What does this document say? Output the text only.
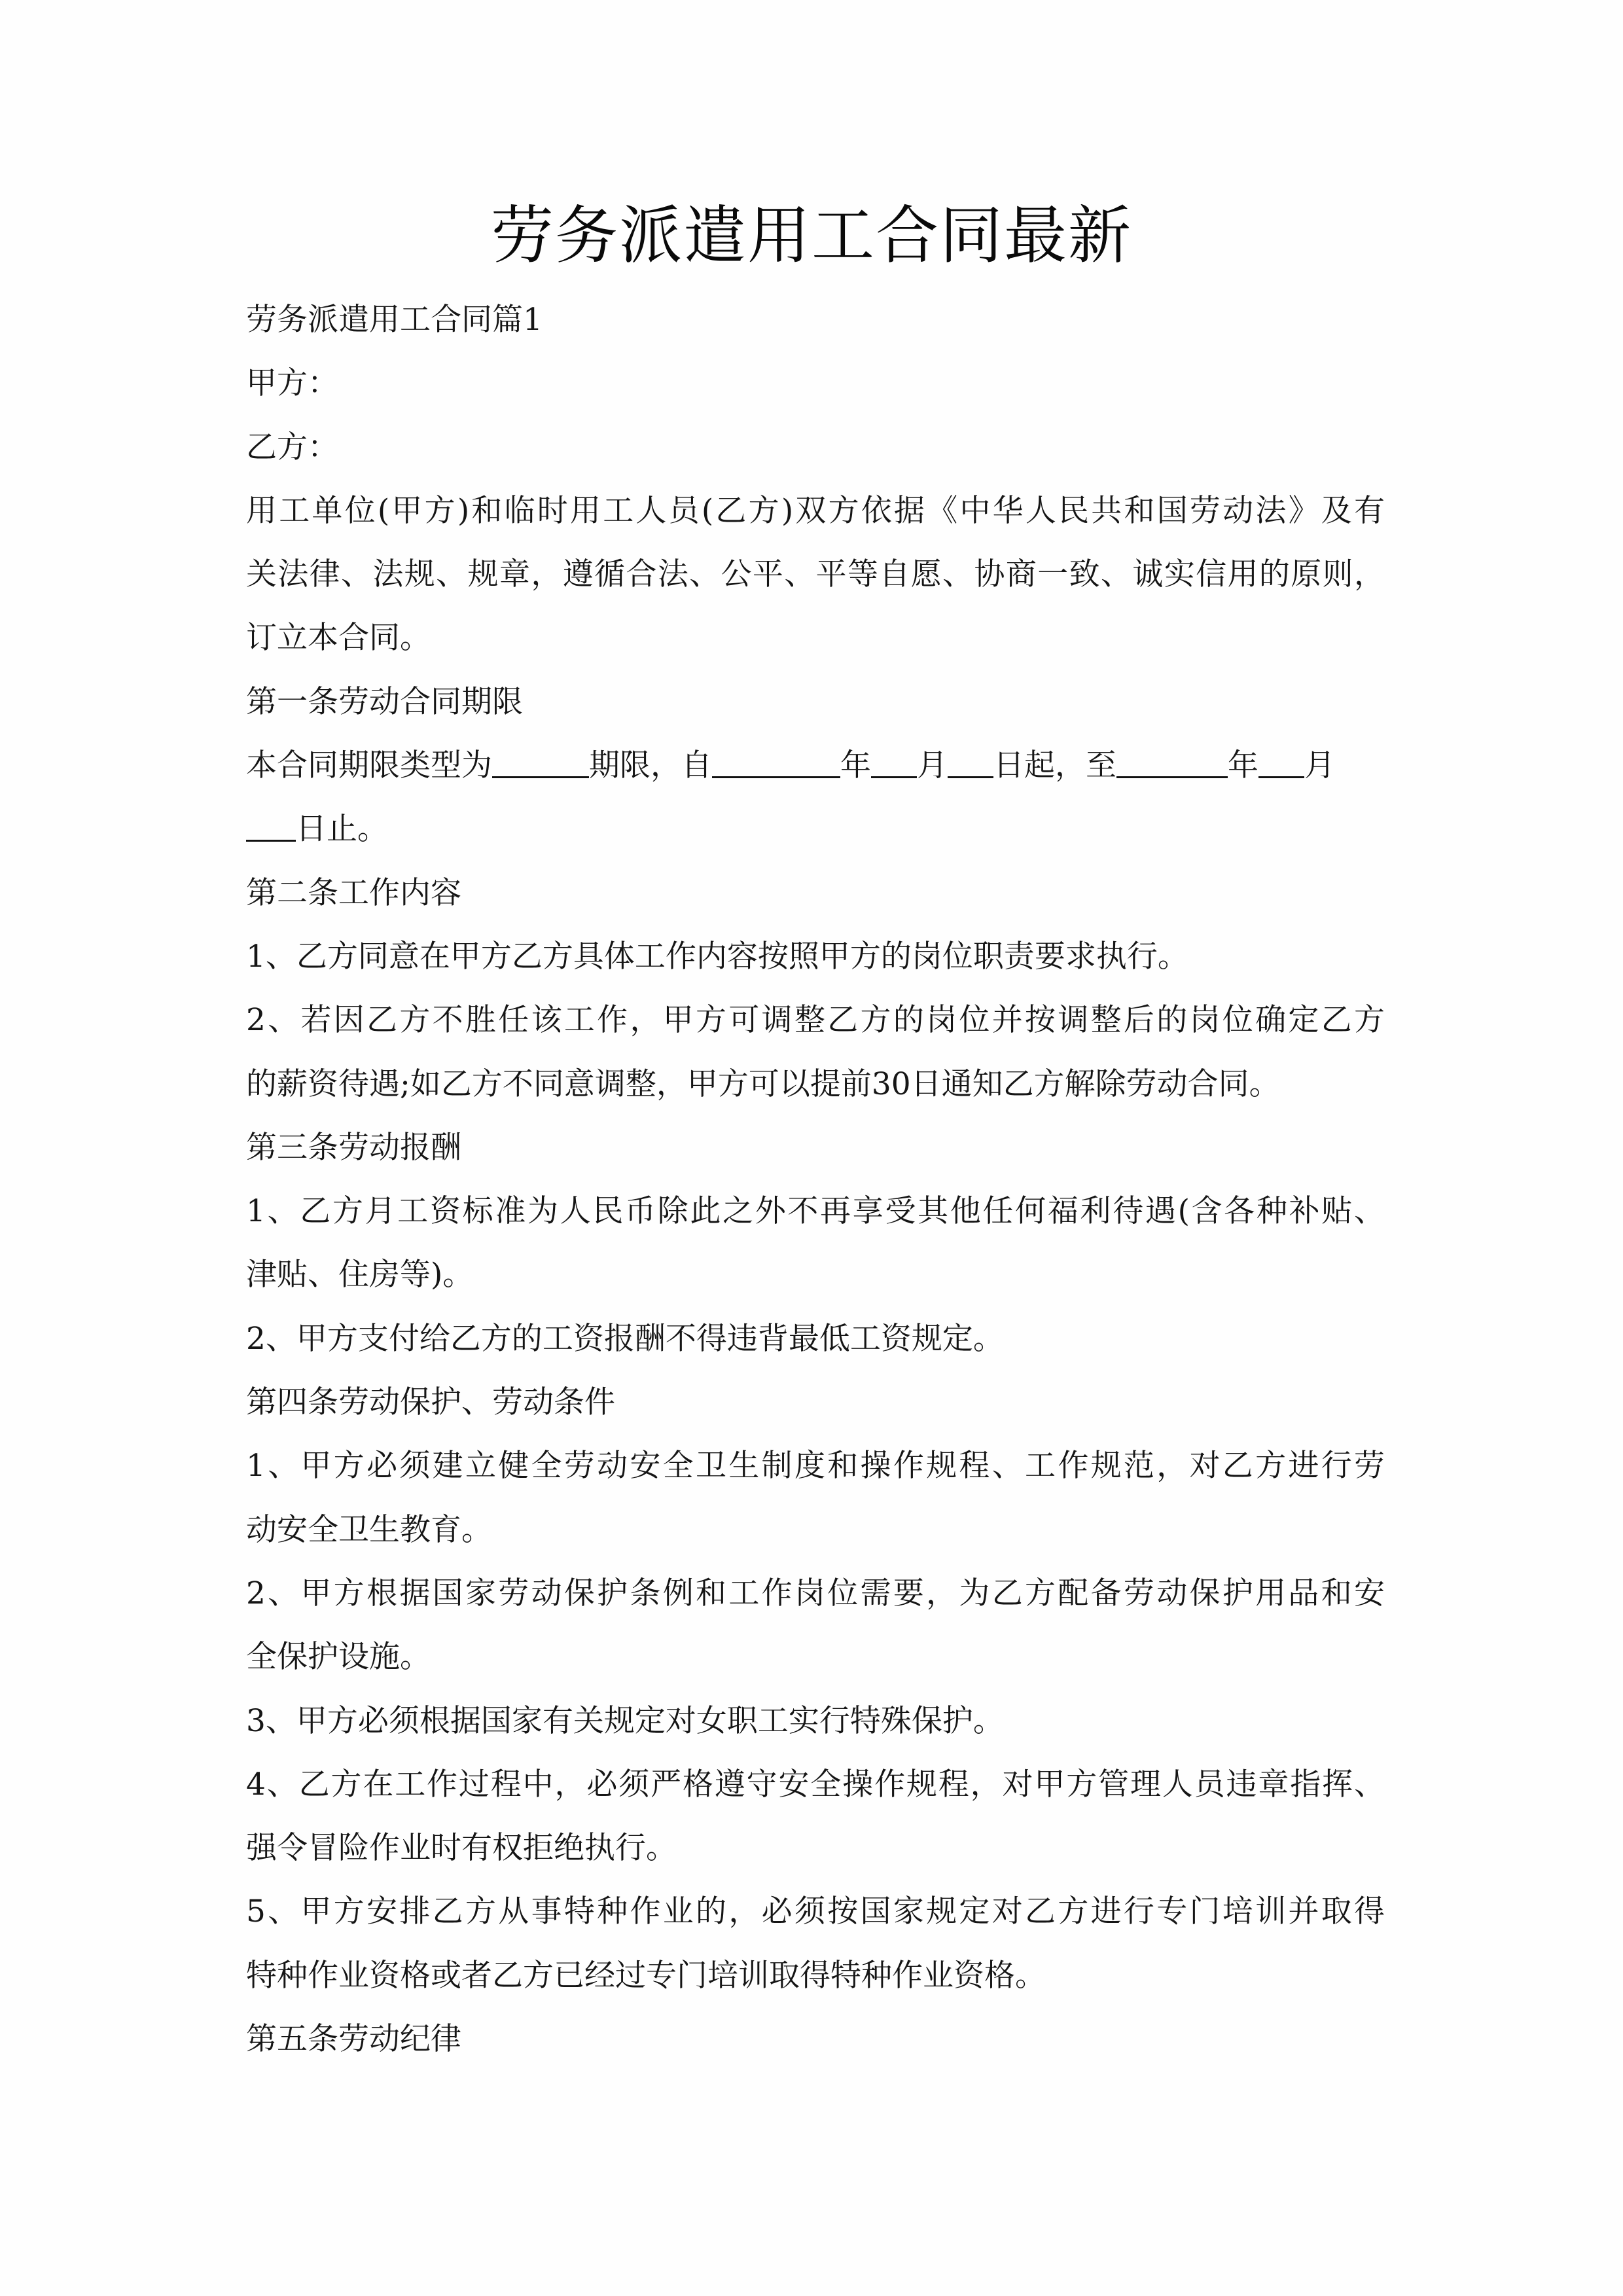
劳务派遣用工合同最新
劳务派遣用工合同篇1
甲方：
乙方：
用工单位(甲方)和临时用工人员(乙方)双方依据《中华人民共和国劳动法》及有
关法律、法规、规章，遵循合法、公平、平等自愿、协商一致、诚实信用的原则，
订立本合同。
第一条劳动合同期限
本合同期限类型为	期限，自	年 月 日起，至	年 月
日止。
第二条工作内容
1、乙方同意在甲方乙方具体工作内容按照甲方的岗位职责要求执行。
2、若因乙方不胜任该工作，甲方可调整乙方的岗位并按调整后的岗位确定乙方
的薪资待遇;如乙方不同意调整，甲方可以提前30日通知乙方解除劳动合同。
第三条劳动报酬
1、乙方月工资标准为人民币除此之外不再享受其他任何福利待遇(含各种补贴、
津贴、住房等)。
2、甲方支付给乙方的工资报酬不得违背最低工资规定。
第四条劳动保护、劳动条件
1、甲方必须建立健全劳动安全卫生制度和操作规程、工作规范，对乙方进行劳
动安全卫生教育。
2、甲方根据国家劳动保护条例和工作岗位需要，为乙方配备劳动保护用品和安
全保护设施。
3、甲方必须根据国家有关规定对女职工实行特殊保护。
4、乙方在工作过程中，必须严格遵守安全操作规程，对甲方管理人员违章指挥、
强令冒险作业时有权拒绝执行。
5、甲方安排乙方从事特种作业的，必须按国家规定对乙方进行专门培训并取得
特种作业资格或者乙方已经过专门培训取得特种作业资格。
第五条劳动纪律
